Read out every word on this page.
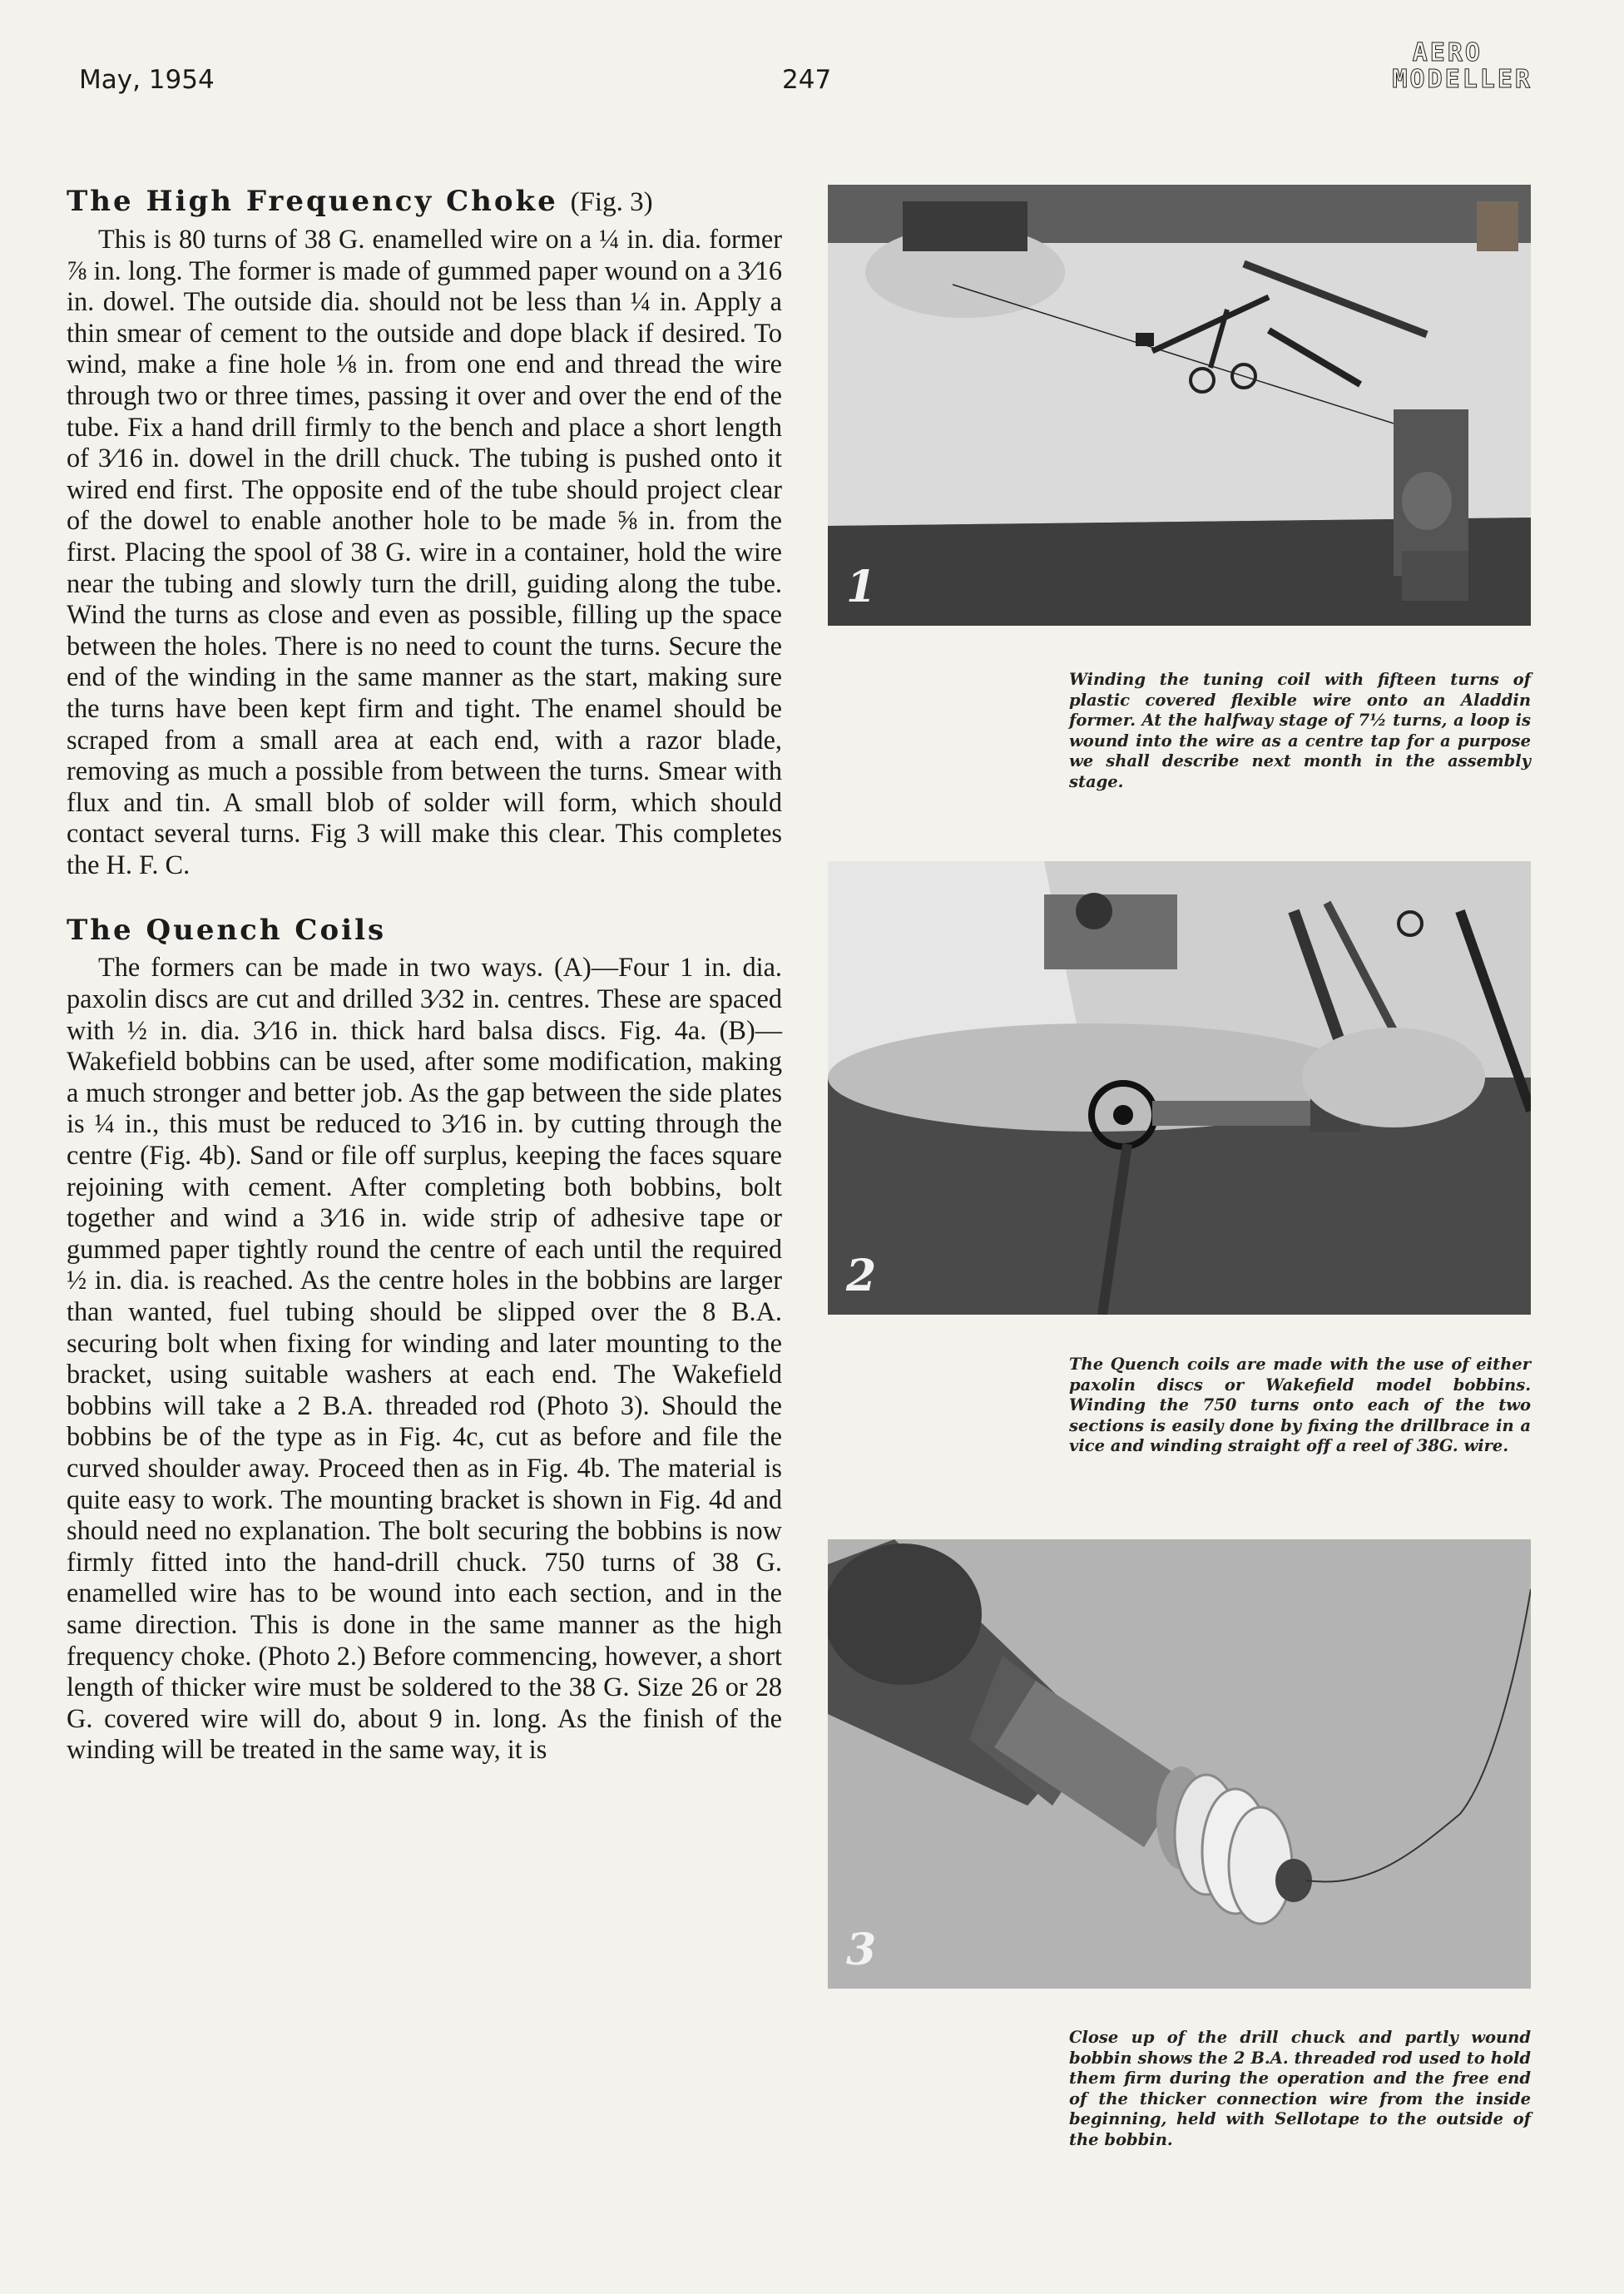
May, 1954	247
AERO
MODELLER
The High Frequency Choke (Fig. 3)

This is 80 turns of 38 G. enamelled wire on a ¼ in. dia. former ⅞ in. long. The former is made of gummed paper wound on a 3⁄16 in. dowel. The outside dia. should not be less than ¼ in. Apply a thin smear of cement to the outside and dope black if desired. To wind, make a fine hole ⅛ in. from one end and thread the wire through two or three times, passing it over and over the end of the tube. Fix a hand drill firmly to the bench and place a short length of 3⁄16 in. dowel in the drill chuck. The tubing is pushed onto it wired end first. The opposite end of the tube should project clear of the dowel to enable another hole to be made ⅝ in. from the first. Placing the spool of 38 G. wire in a container, hold the wire near the tubing and slowly turn the drill, guiding along the tube. Wind the turns as close and even as possible, filling up the space between the holes. There is no need to count the turns. Secure the end of the winding in the same manner as the start, making sure the turns have been kept firm and tight. The enamel should be scraped from a small area at each end, with a razor blade, removing as much a possible from between the turns. Smear with flux and tin. A small blob of solder will form, which should contact several turns. Fig 3 will make this clear. This completes the H. F. C.

The Quench Coils

The formers can be made in two ways. (A)—Four 1 in. dia. paxolin discs are cut and drilled 3⁄32 in. centres. These are spaced with ½ in. dia. 3⁄16 in. thick hard balsa discs. Fig. 4a. (B)—Wakefield bobbins can be used, after some modification, making a much stronger and better job. As the gap between the side plates is ¼ in., this must be reduced to 3⁄16 in. by cutting through the centre (Fig. 4b). Sand or file off surplus, keeping the faces square rejoining with cement. After completing both bobbins, bolt together and wind a 3⁄16 in. wide strip of adhesive tape or gummed paper tightly round the centre of each until the required ½ in. dia. is reached. As the centre holes in the bobbins are larger than wanted, fuel tubing should be slipped over the 8 B.A. securing bolt when fixing for winding and later mounting to the bracket, using suitable washers at each end. The Wakefield bobbins will take a 2 B.A. threaded rod (Photo 3). Should the bobbins be of the type as in Fig. 4c, cut as before and file the curved shoulder away. Proceed then as in Fig. 4b. The material is quite easy to work. The mounting bracket is shown in Fig. 4d and should need no explanation. The bolt securing the bobbins is now firmly fitted into the hand-drill chuck. 750 turns of 38 G. enamelled wire has to be wound into each section, and in the same direction. This is done in the same manner as the high frequency choke. (Photo 2.) Before commencing, however, a short length of thicker wire must be soldered to the 38 G. Size 26 or 28 G. covered wire will do, about 9 in. long. As the finish of the winding will be treated in the same way, it is

1
Winding the tuning coil with fifteen turns of plastic covered flexible wire onto an Aladdin former. At the halfway stage of 7½ turns, a loop is wound into the wire as a centre tap for a purpose we shall describe next month in the assembly stage.
2
The Quench coils are made with the use of either paxolin discs or Wakefield model bobbins. Winding the 750 turns onto each of the two sections is easily done by fixing the drillbrace in a vice and winding straight off a reel of 38G. wire.
3
Close up of the drill chuck and partly wound bobbin shows the 2 B.A. threaded rod used to hold them firm during the operation and the free end of the thicker connection wire from the inside beginning, held with Sellotape to the outside of the bobbin.
